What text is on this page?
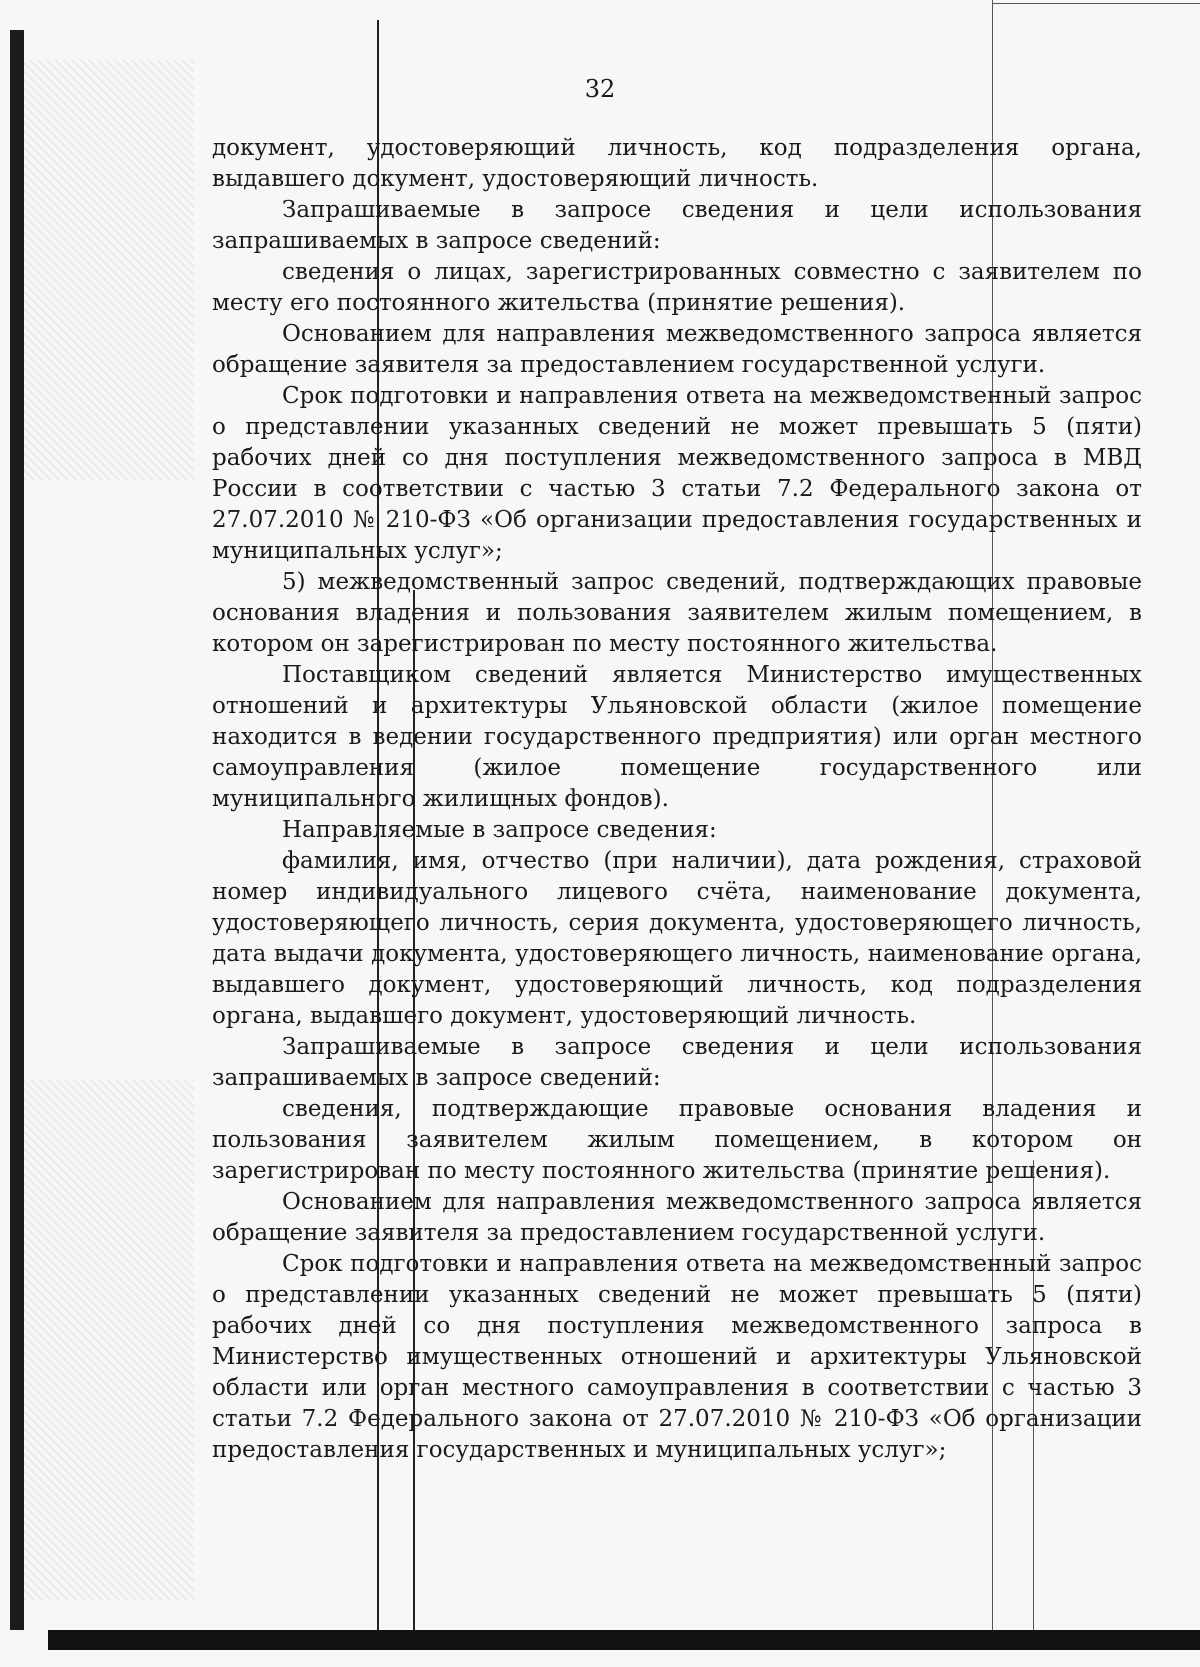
32

документ, удостоверяющий личность, код подразделения органа, выдавшего документ, удостоверяющий личность.

Запрашиваемые в запросе сведения и цели использования запрашиваемых в запросе сведений:

сведения о лицах, зарегистрированных совместно с заявителем по месту его постоянного жительства (принятие решения).

Основанием для направления межведомственного запроса является обращение заявителя за предоставлением государственной услуги.

Срок подготовки и направления ответа на межведомственный запрос о представлении указанных сведений не может превышать 5 (пяти) рабочих дней со дня поступления межведомственного запроса в МВД России в соответствии с частью 3 статьи 7.2 Федерального закона от 27.07.2010 № 210-ФЗ «Об организации предоставления государственных и муниципальных услуг»;

5) межведомственный запрос сведений, подтверждающих правовые основания владения и пользования заявителем жилым помещением, в котором он зарегистрирован по месту постоянного жительства.

Поставщиком сведений является Министерство имущественных отношений и архитектуры Ульяновской области (жилое помещение находится в ведении государственного предприятия) или орган местного самоуправления (жилое помещение государственного или муниципального жилищных фондов).

Направляемые в запросе сведения:

фамилия, имя, отчество (при наличии), дата рождения, страховой номер индивидуального лицевого счёта, наименование документа, удостоверяющего личность, серия документа, удостоверяющего личность, дата выдачи документа, удостоверяющего личность, наименование органа, выдавшего документ, удостоверяющий личность, код подразделения органа, выдавшего документ, удостоверяющий личность.

Запрашиваемые в запросе сведения и цели использования запрашиваемых в запросе сведений:

сведения, подтверждающие правовые основания владения и пользования заявителем жилым помещением, в котором он зарегистрирован по месту постоянного жительства (принятие решения).

Основанием для направления межведомственного запроса является обращение заявителя за предоставлением государственной услуги.

Срок подготовки и направления ответа на межведомственный запрос о представлении указанных сведений не может превышать 5 (пяти) рабочих дней со дня поступления межведомственного запроса в Министерство имущественных отношений и архитектуры Ульяновской области или орган местного самоуправления в соответствии с частью 3 статьи 7.2 Федерального закона от 27.07.2010 № 210-ФЗ «Об организации предоставления государственных и муниципальных услуг»;
